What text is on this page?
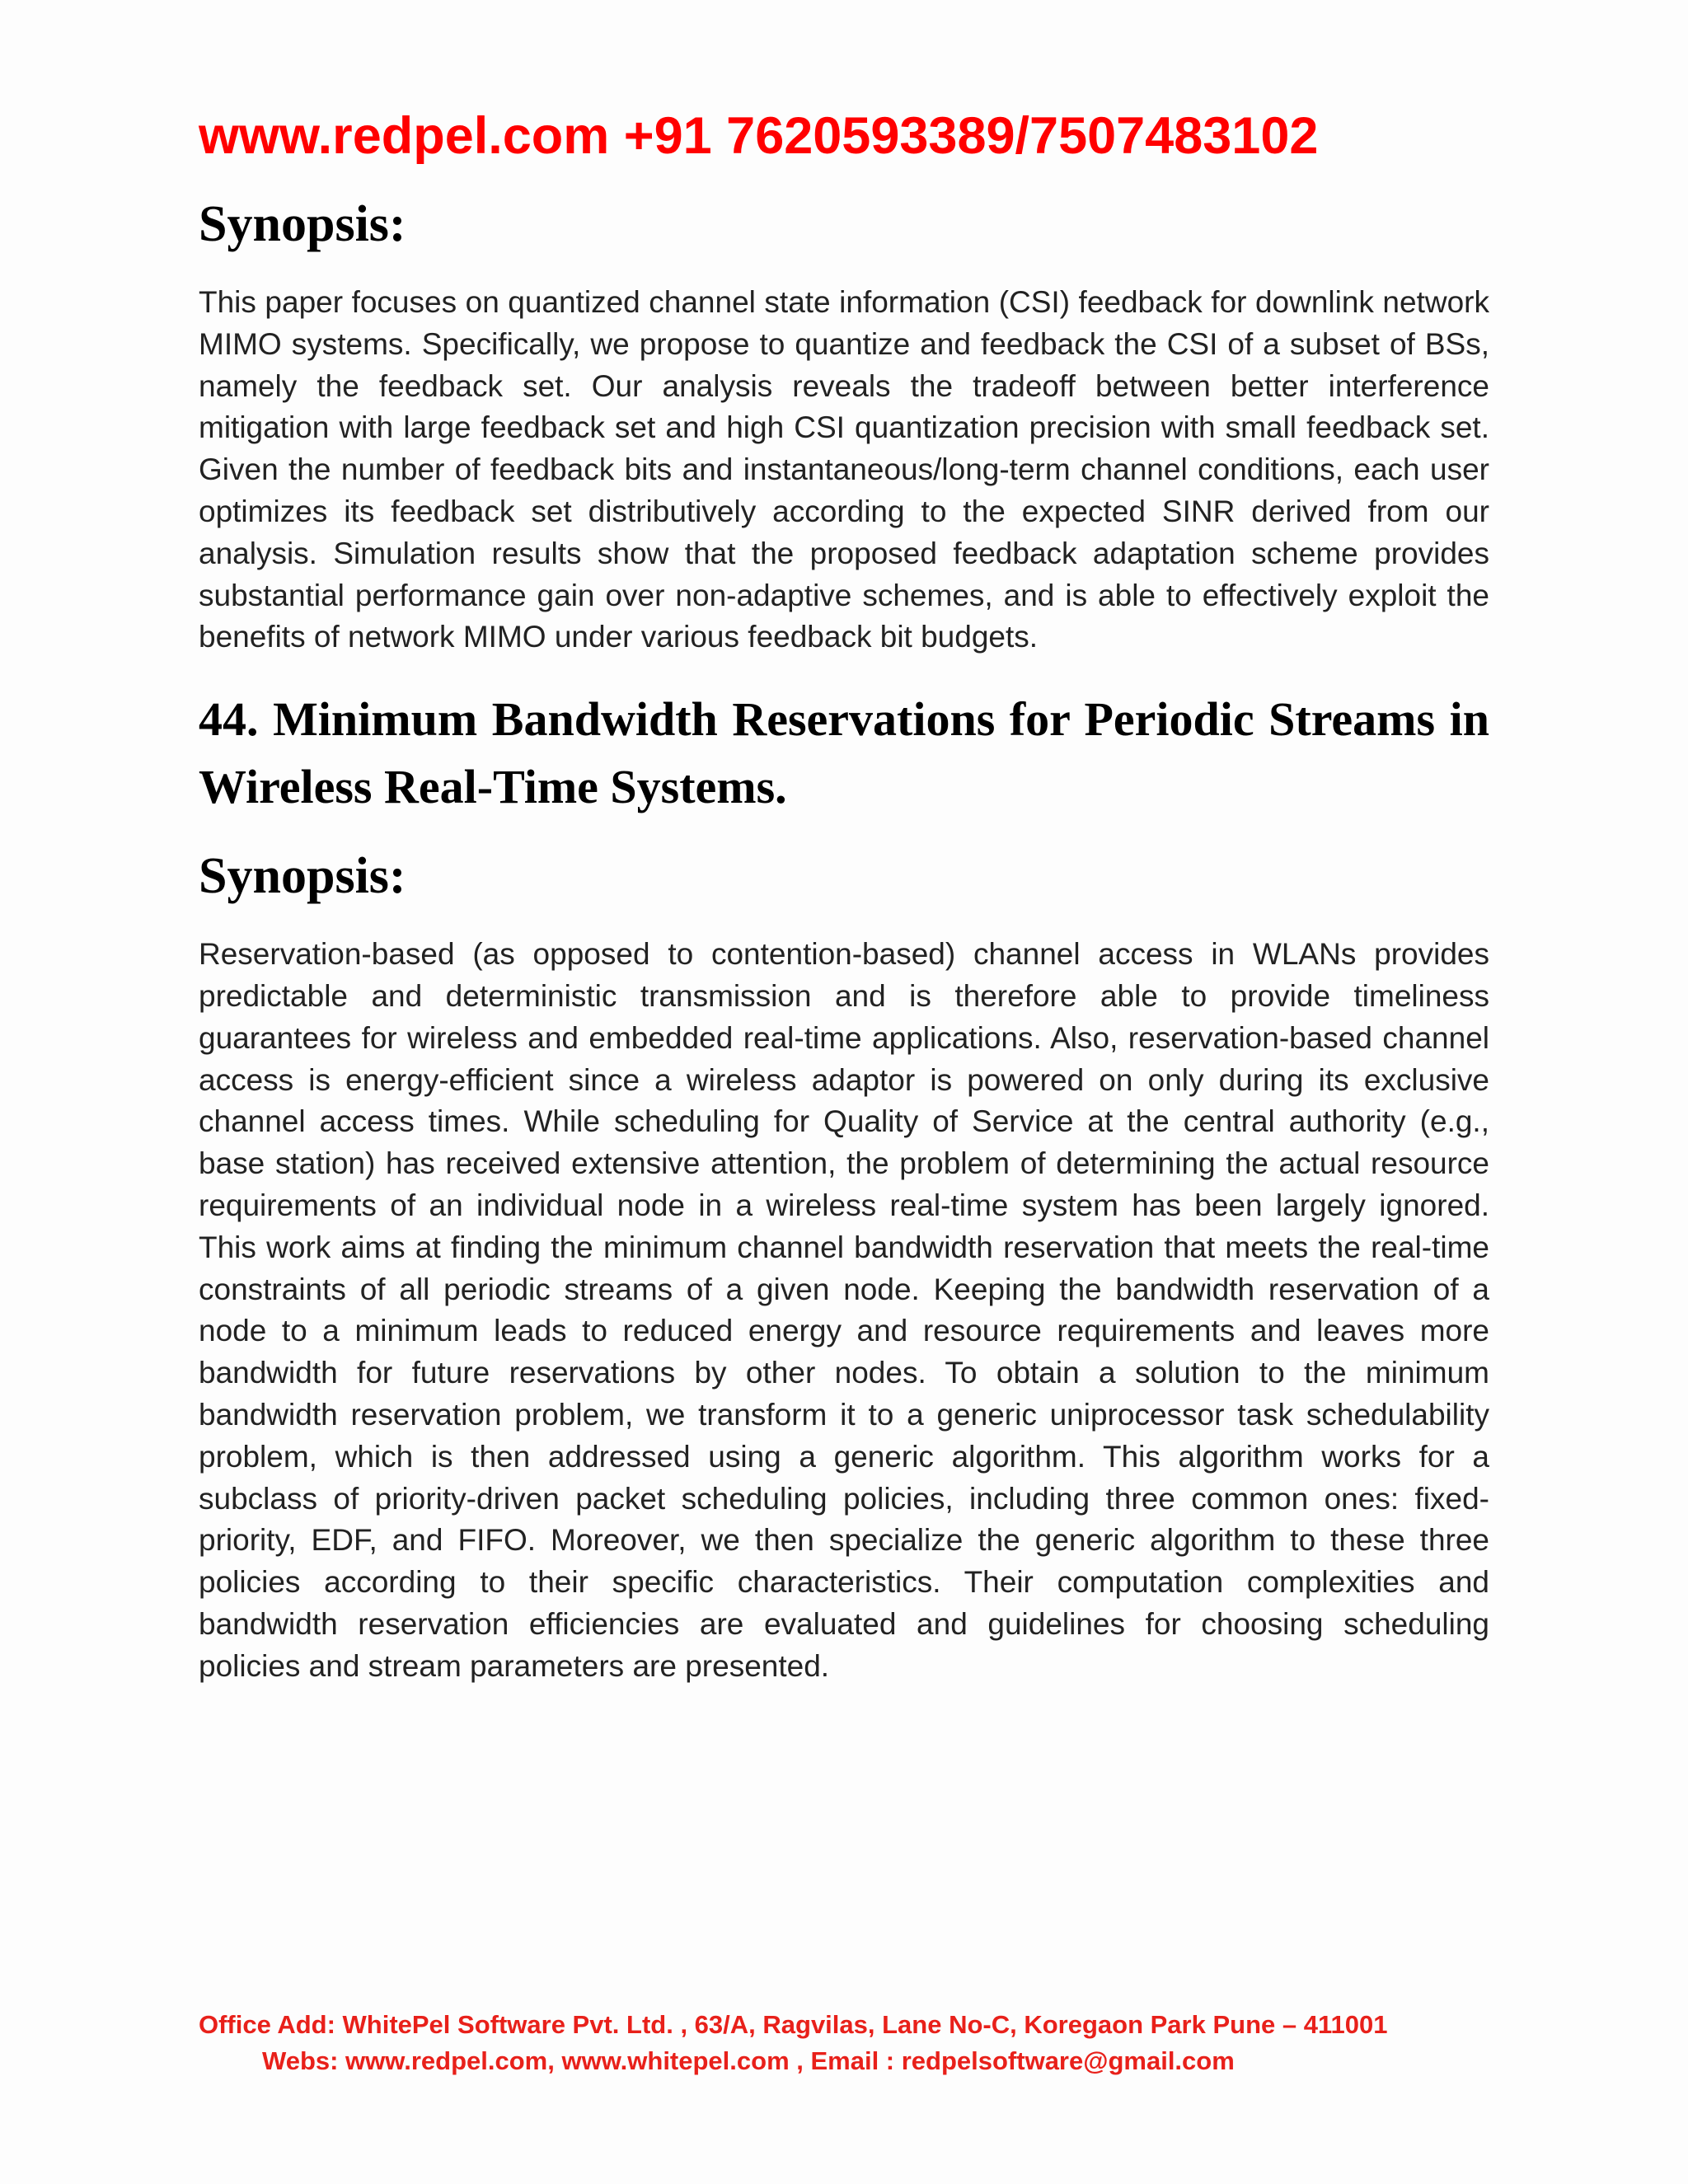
www.redpel.com +91 7620593389/7507483102
Synopsis:

This paper focuses on quantized channel state information (CSI) feedback for downlink network MIMO systems. Specifically, we propose to quantize and feedback the CSI of a subset of BSs, namely the feedback set. Our analysis reveals the tradeoff between better interference mitigation with large feedback set and high CSI quantization precision with small feedback set. Given the number of feedback bits and instantaneous/long-term channel conditions, each user optimizes its feedback set distributively according to the expected SINR derived from our analysis. Simulation results show that the proposed feedback adaptation scheme provides substantial performance gain over non-adaptive schemes, and is able to effectively exploit the benefits of network MIMO under various feedback bit budgets.

44. Minimum Bandwidth Reservations for Periodic Streams in Wireless Real-Time Systems.
Synopsis:

Reservation-based (as opposed to contention-based) channel access in WLANs provides predictable and deterministic transmission and is therefore able to provide timeliness guarantees for wireless and embedded real-time applications. Also, reservation-based channel access is energy-efficient since a wireless adaptor is powered on only during its exclusive channel access times. While scheduling for Quality of Service at the central authority (e.g., base station) has received extensive attention, the problem of determining the actual resource requirements of an individual node in a wireless real-time system has been largely ignored. This work aims at finding the minimum channel bandwidth reservation that meets the real-time constraints of all periodic streams of a given node. Keeping the bandwidth reservation of a node to a minimum leads to reduced energy and resource requirements and leaves more bandwidth for future reservations by other nodes. To obtain a solution to the minimum bandwidth reservation problem, we transform it to a generic uniprocessor task schedulability problem, which is then addressed using a generic algorithm. This algorithm works for a subclass of priority-driven packet scheduling policies, including three common ones: fixed-priority, EDF, and FIFO. Moreover, we then specialize the generic algorithm to these three policies according to their specific characteristics. Their computation complexities and bandwidth reservation efficiencies are evaluated and guidelines for choosing scheduling policies and stream parameters are presented.

Office Add: WhitePel Software Pvt. Ltd. , 63/A, Ragvilas, Lane No-C, Koregaon Park Pune – 411001
Webs: www.redpel.com, www.whitepel.com , Email : redpelsoftware@gmail.com
